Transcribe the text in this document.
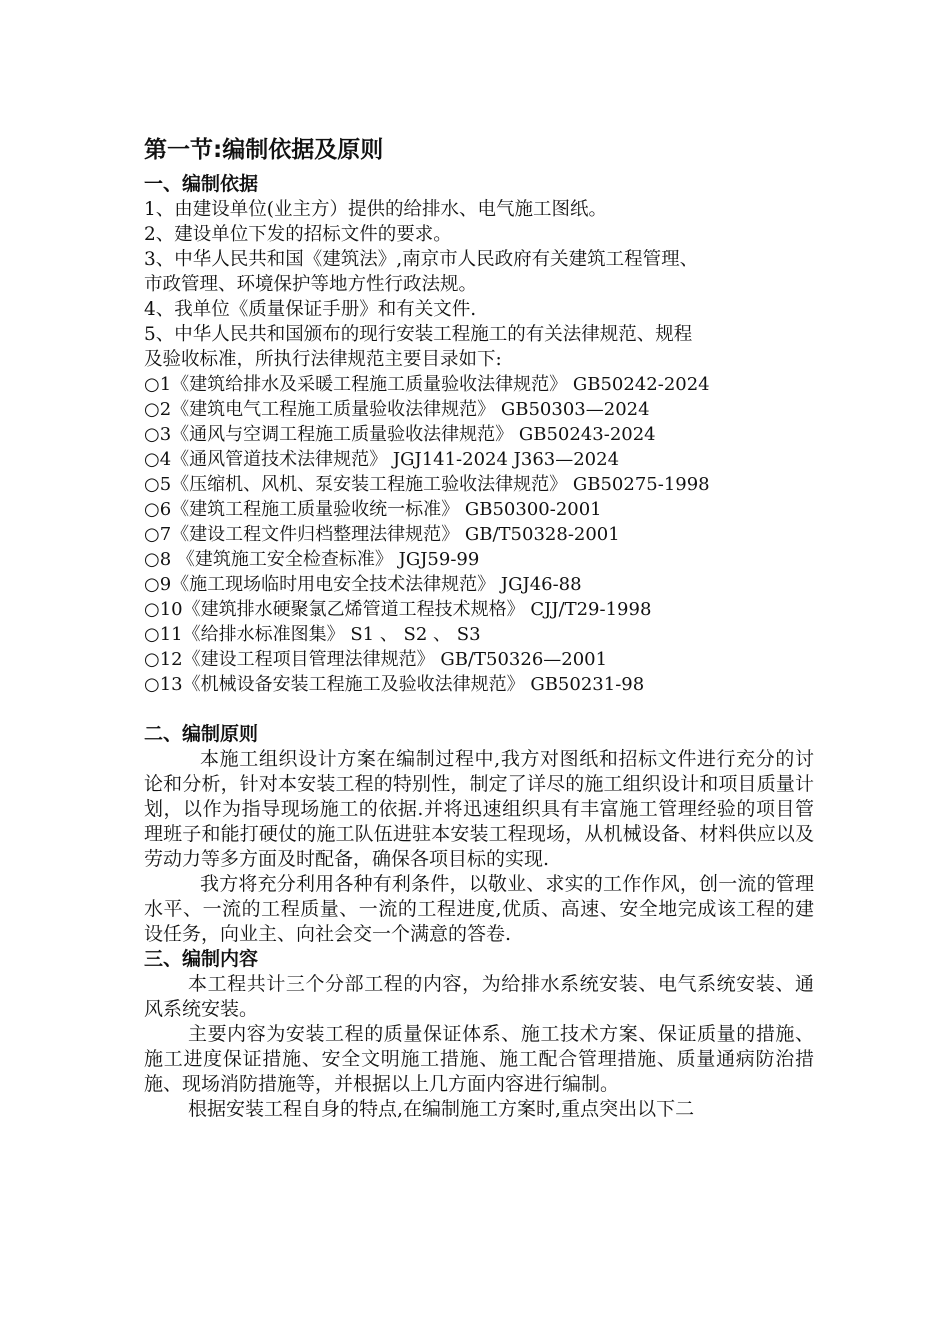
第一节:编制依据及原则
一、编制依据
1、由建设单位(业主方）提供的给排水、电气施工图纸。
2、建设单位下发的招标文件的要求。
3、中华人民共和国《建筑法》,南京市人民政府有关建筑工程管理、
市政管理、环境保护等地方性行政法规。
4、我单位《质量保证手册》和有关文件.
5、中华人民共和国颁布的现行安装工程施工的有关法律规范、规程
及验收标准，所执行法律规范主要目录如下:
○1《建筑给排水及采暖工程施工质量验收法律规范》 GB50242-2024
○2《建筑电气工程施工质量验收法律规范》 GB50303—2024
○3《通风与空调工程施工质量验收法律规范》 GB50243-2024
○4《通风管道技术法律规范》 JGJ141-2024 J363—2024
○5《压缩机、风机、泵安装工程施工验收法律规范》 GB50275-1998
○6《建筑工程施工质量验收统一标准》 GB50300-2001
○7《建设工程文件归档整理法律规范》 GB/T50328-2001
○8 《建筑施工安全检查标准》 JGJ59-99
○9《施工现场临时用电安全技术法律规范》 JGJ46-88
○10《建筑排水硬聚氯乙烯管道工程技术规格》 CJJ/T29-1998
○11《给排水标准图集》 S1 、 S2 、 S3
○12《建设工程项目管理法律规范》 GB/T50326—2001
○13《机械设备安装工程施工及验收法律规范》 GB50231-98
二、编制原则
本施工组织设计方案在编制过程中,我方对图纸和招标文件进行充分的讨论和分析，针对本安装工程的特别性，制定了详尽的施工组织设计和项目质量计划，以作为指导现场施工的依据.并将迅速组织具有丰富施工管理经验的项目管理班子和能打硬仗的施工队伍进驻本安装工程现场，从机械设备、材料供应以及劳动力等多方面及时配备，确保各项目标的实现.
我方将充分利用各种有利条件，以敬业、求实的工作作风，创一流的管理水平、一流的工程质量、一流的工程进度,优质、高速、安全地完成该工程的建设任务，向业主、向社会交一个满意的答卷.
三、编制内容
本工程共计三个分部工程的内容，为给排水系统安装、电气系统安装、通风系统安装。
主要内容为安装工程的质量保证体系、施工技术方案、保证质量的措施、施工进度保证措施、安全文明施工措施、施工配合管理措施、质量通病防治措施、现场消防措施等，并根据以上几方面内容进行编制。
根据安装工程自身的特点,在编制施工方案时,重点突出以下二
